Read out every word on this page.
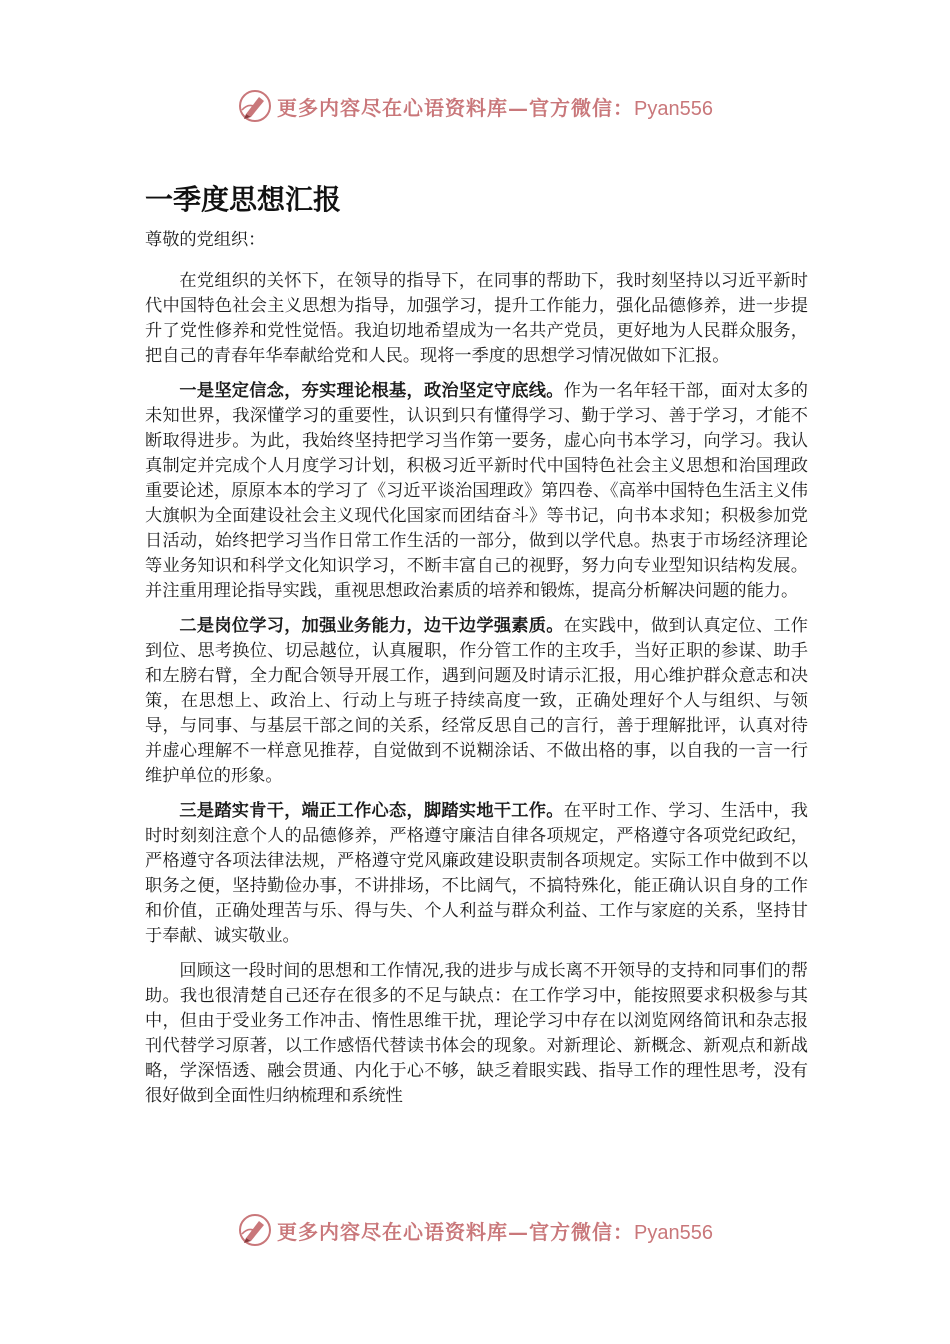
更多内容尽在心语资料库—官方微信：Pyan556
一季度思想汇报

尊敬的党组织：

在党组织的关怀下，在领导的指导下，在同事的帮助下，我时刻坚持以习近平新时代中国特色社会主义思想为指导，加强学习，提升工作能力，强化品德修养，进一步提升了党性修养和党性觉悟。我迫切地希望成为一名共产党员，更好地为人民群众服务，把自己的青春年华奉献给党和人民。现将一季度的思想学习情况做如下汇报。

一是坚定信念，夯实理论根基，政治坚定守底线。作为一名年轻干部，面对太多的未知世界，我深懂学习的重要性，认识到只有懂得学习、勤于学习、善于学习，才能不断取得进步。为此，我始终坚持把学习当作第一要务，虚心向书本学习，向学习。我认真制定并完成个人月度学习计划，积极习近平新时代中国特色社会主义思想和治国理政重要论述，原原本本的学习了《习近平谈治国理政》第四卷、《高举中国特色生活主义伟大旗帜为全面建设社会主义现代化国家而团结奋斗》等书记，向书本求知；积极参加党日活动，始终把学习当作日常工作生活的一部分，做到以学代息。热衷于市场经济理论等业务知识和科学文化知识学习，不断丰富自己的视野，努力向专业型知识结构发展。并注重用理论指导实践，重视思想政治素质的培养和锻炼，提高分析解决问题的能力。

二是岗位学习，加强业务能力，边干边学强素质。在实践中，做到认真定位、工作到位、思考换位、切忌越位，认真履职，作分管工作的主攻手，当好正职的参谋、助手和左膀右臂，全力配合领导开展工作，遇到问题及时请示汇报，用心维护群众意志和决策，在思想上、政治上、行动上与班子持续高度一致，正确处理好个人与组织、与领导，与同事、与基层干部之间的关系，经常反思自己的言行，善于理解批评，认真对待并虚心理解不一样意见推荐，自觉做到不说糊涂话、不做出格的事，以自我的一言一行维护单位的形象。

三是踏实肯干，端正工作心态，脚踏实地干工作。在平时工作、学习、生活中，我时时刻刻注意个人的品德修养，严格遵守廉洁自律各项规定，严格遵守各项党纪政纪，严格遵守各项法律法规，严格遵守党风廉政建设职责制各项规定。实际工作中做到不以职务之便，坚持勤俭办事，不讲排场，不比阔气，不搞特殊化，能正确认识自身的工作和价值，正确处理苦与乐、得与失、个人利益与群众利益、工作与家庭的关系，坚持甘于奉献、诚实敬业。

回顾这一段时间的思想和工作情况,我的进步与成长离不开领导的支持和同事们的帮助。我也很清楚自己还存在很多的不足与缺点：在工作学习中，能按照要求积极参与其中，但由于受业务工作冲击、惰性思维干扰，理论学习中存在以浏览网络简讯和杂志报刊代替学习原著，以工作感悟代替读书体会的现象。对新理论、新概念、新观点和新战略，学深悟透、融会贯通、内化于心不够，缺乏着眼实践、指导工作的理性思考，没有很好做到全面性归纳梳理和系统性

更多内容尽在心语资料库—官方微信：Pyan556
